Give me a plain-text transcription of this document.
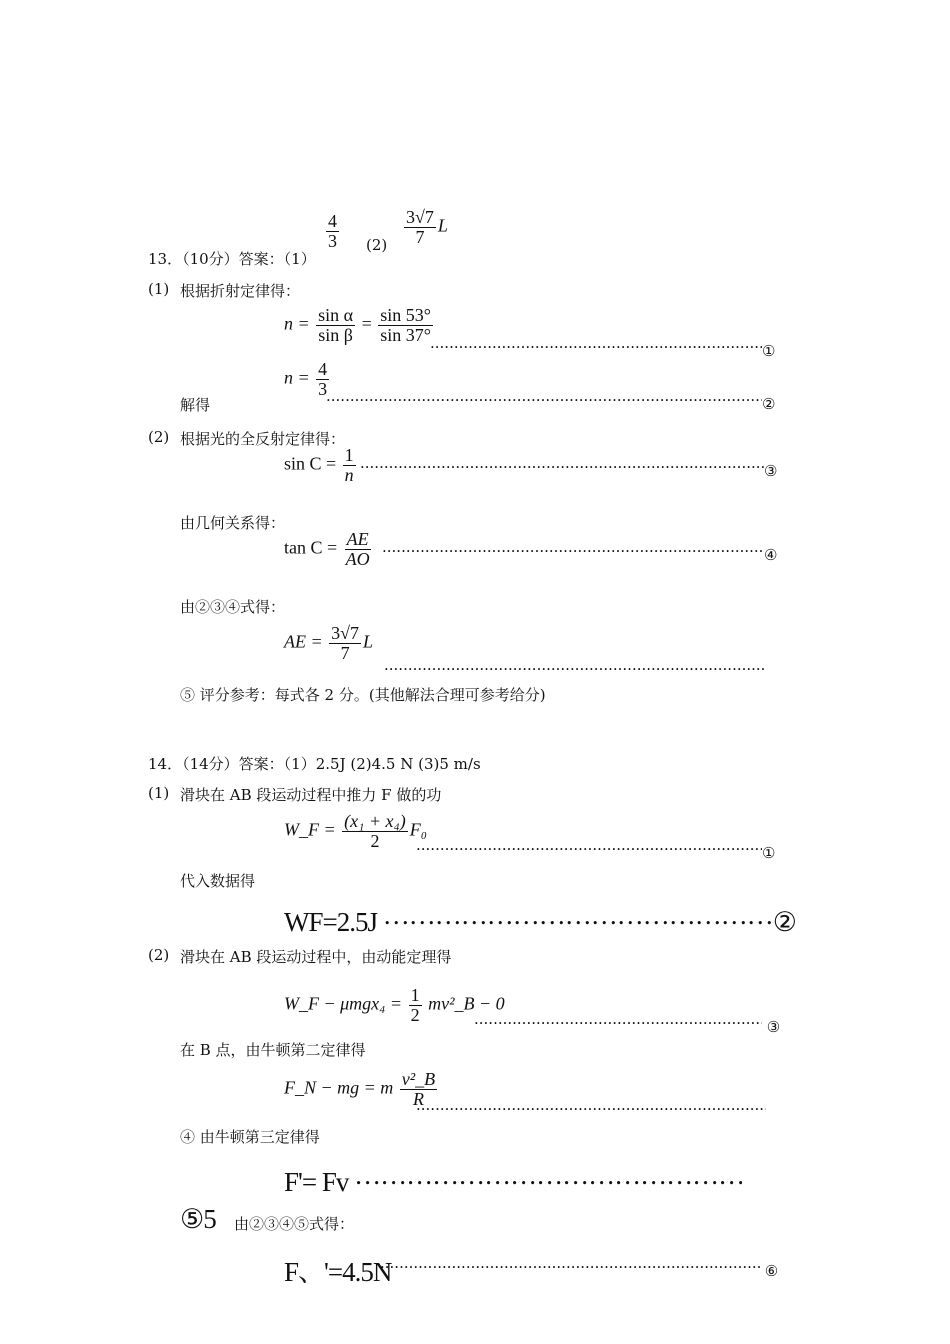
13．（10分）答案：（1）
$\frac{4}{3} (2) \frac{3√7}{7}$ L
(1) 根据折射定律得：
$n = \frac{\text{sin α}}{\text{sin β}} = \frac{\sin 53^\circ}{\sin 37^\circ}$
·····①
$n = \frac{4}{3}$
解得 ·····	②
(2) 根据光的全反射定律得：
$\sin C = \frac{1}{n}$ ·····	③
由几何关系得：
$\tan C = \frac{AE}{AO}$ ·····	④
由②③④式得：
AE = $\frac{3√7}{7}$ L
·····
⑤ 评分参考：每式各 2 分。(其他解法合理可参考给分)
14．（14分）答案：（1）2.5J (2)4.5 N (3)5 m/s
(1) 滑块在 AB 段运动过程中推力 F 做的功
W_F = $\frac{\text{(x₁ + x₄)}}{2} F_0$
·····①
代入数据得
WF=2.5J ……………………………………………………………………	②
(2) 滑块在 AB 段运动过程中，由动能定理得
W_F − $\mu mgx_4 = \frac{1}{2}$ mv²_B − 0
····· ③
在 B 点，由牛顿第二定律得
F_N − mg = m $\frac{\text{v²\_B}}{R}$
·····
④ 由牛顿第三定律得
F'= Fv ……………………………………………………………………
⑤5 由②③④⑤式得：
F、'=4.5N ·····	⑥
